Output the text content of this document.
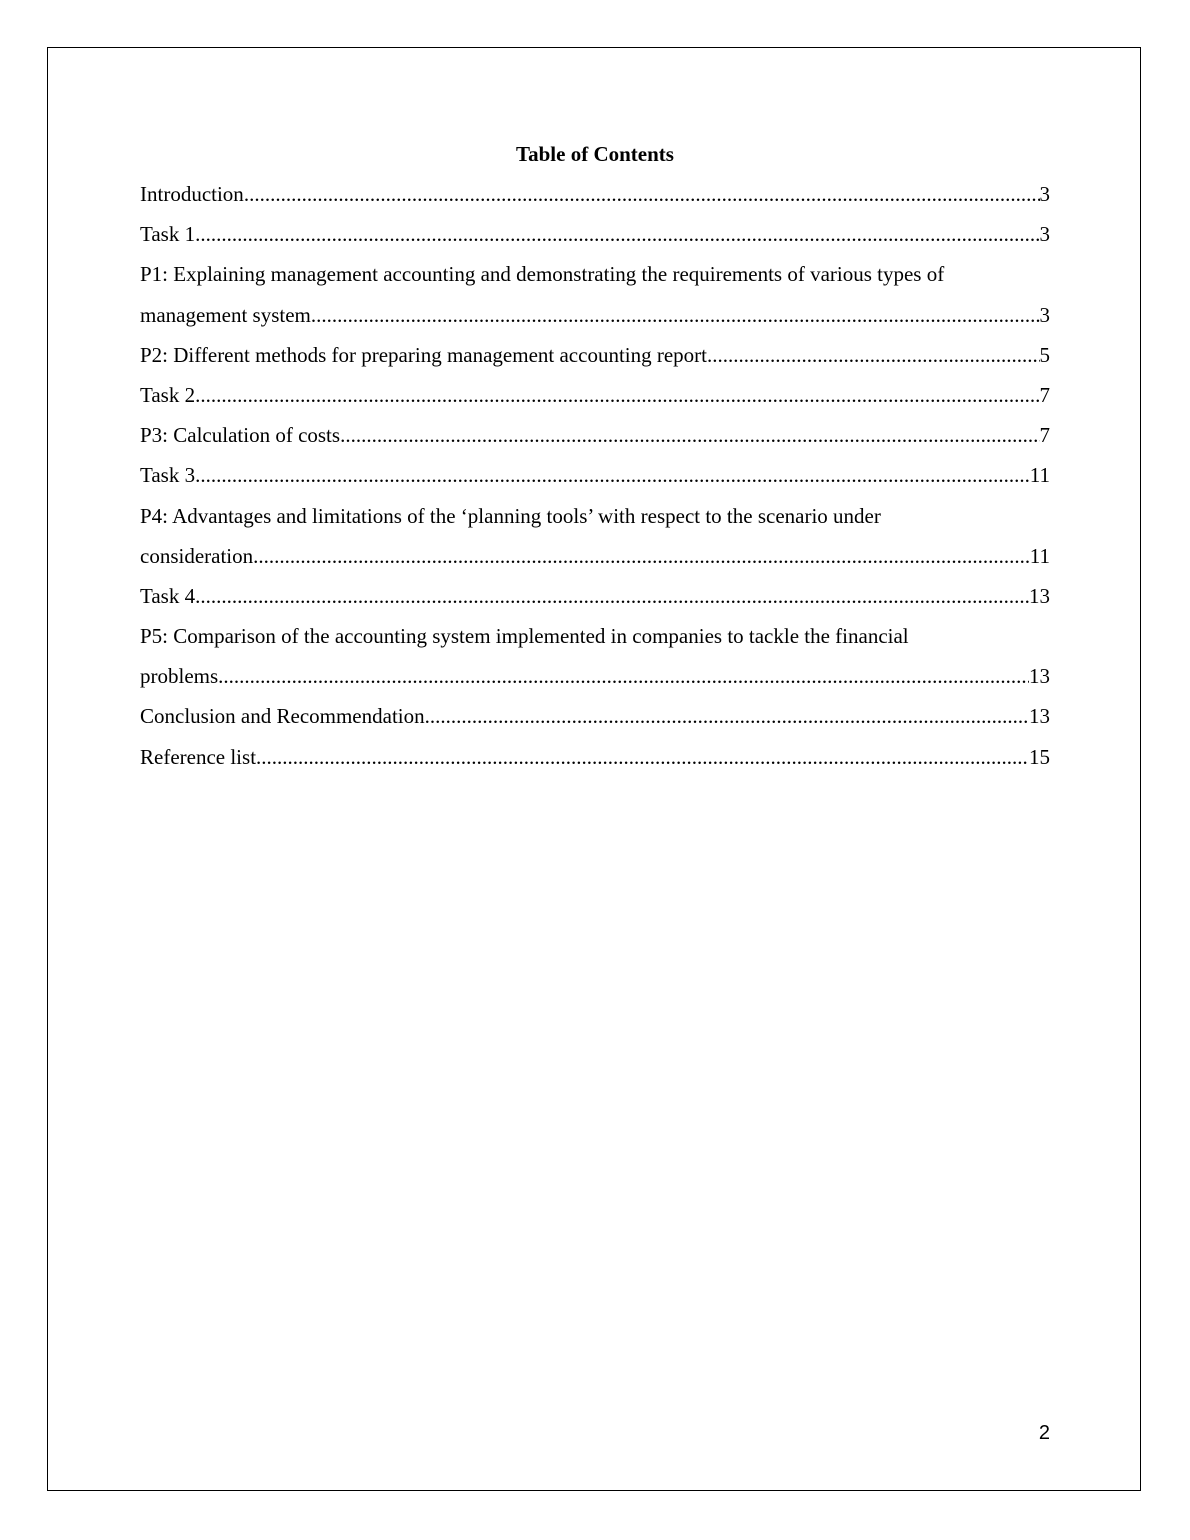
Table of Contents
Introduction .....	3
Task 1 .....	3
P1: Explaining management accounting and demonstrating the requirements of various types of
management system .....	3
P2: Different methods for preparing management accounting report .....	5
Task 2 .....	7
P3: Calculation of costs .....	7
Task 3 .....	11
P4: Advantages and limitations of the ‘planning tools’ with respect to the scenario under
consideration .....	11
Task 4 .....	13
P5: Comparison of the accounting system implemented in companies to tackle the financial
problems .....	13
Conclusion and Recommendation .....	13
Reference list .....	15
2
